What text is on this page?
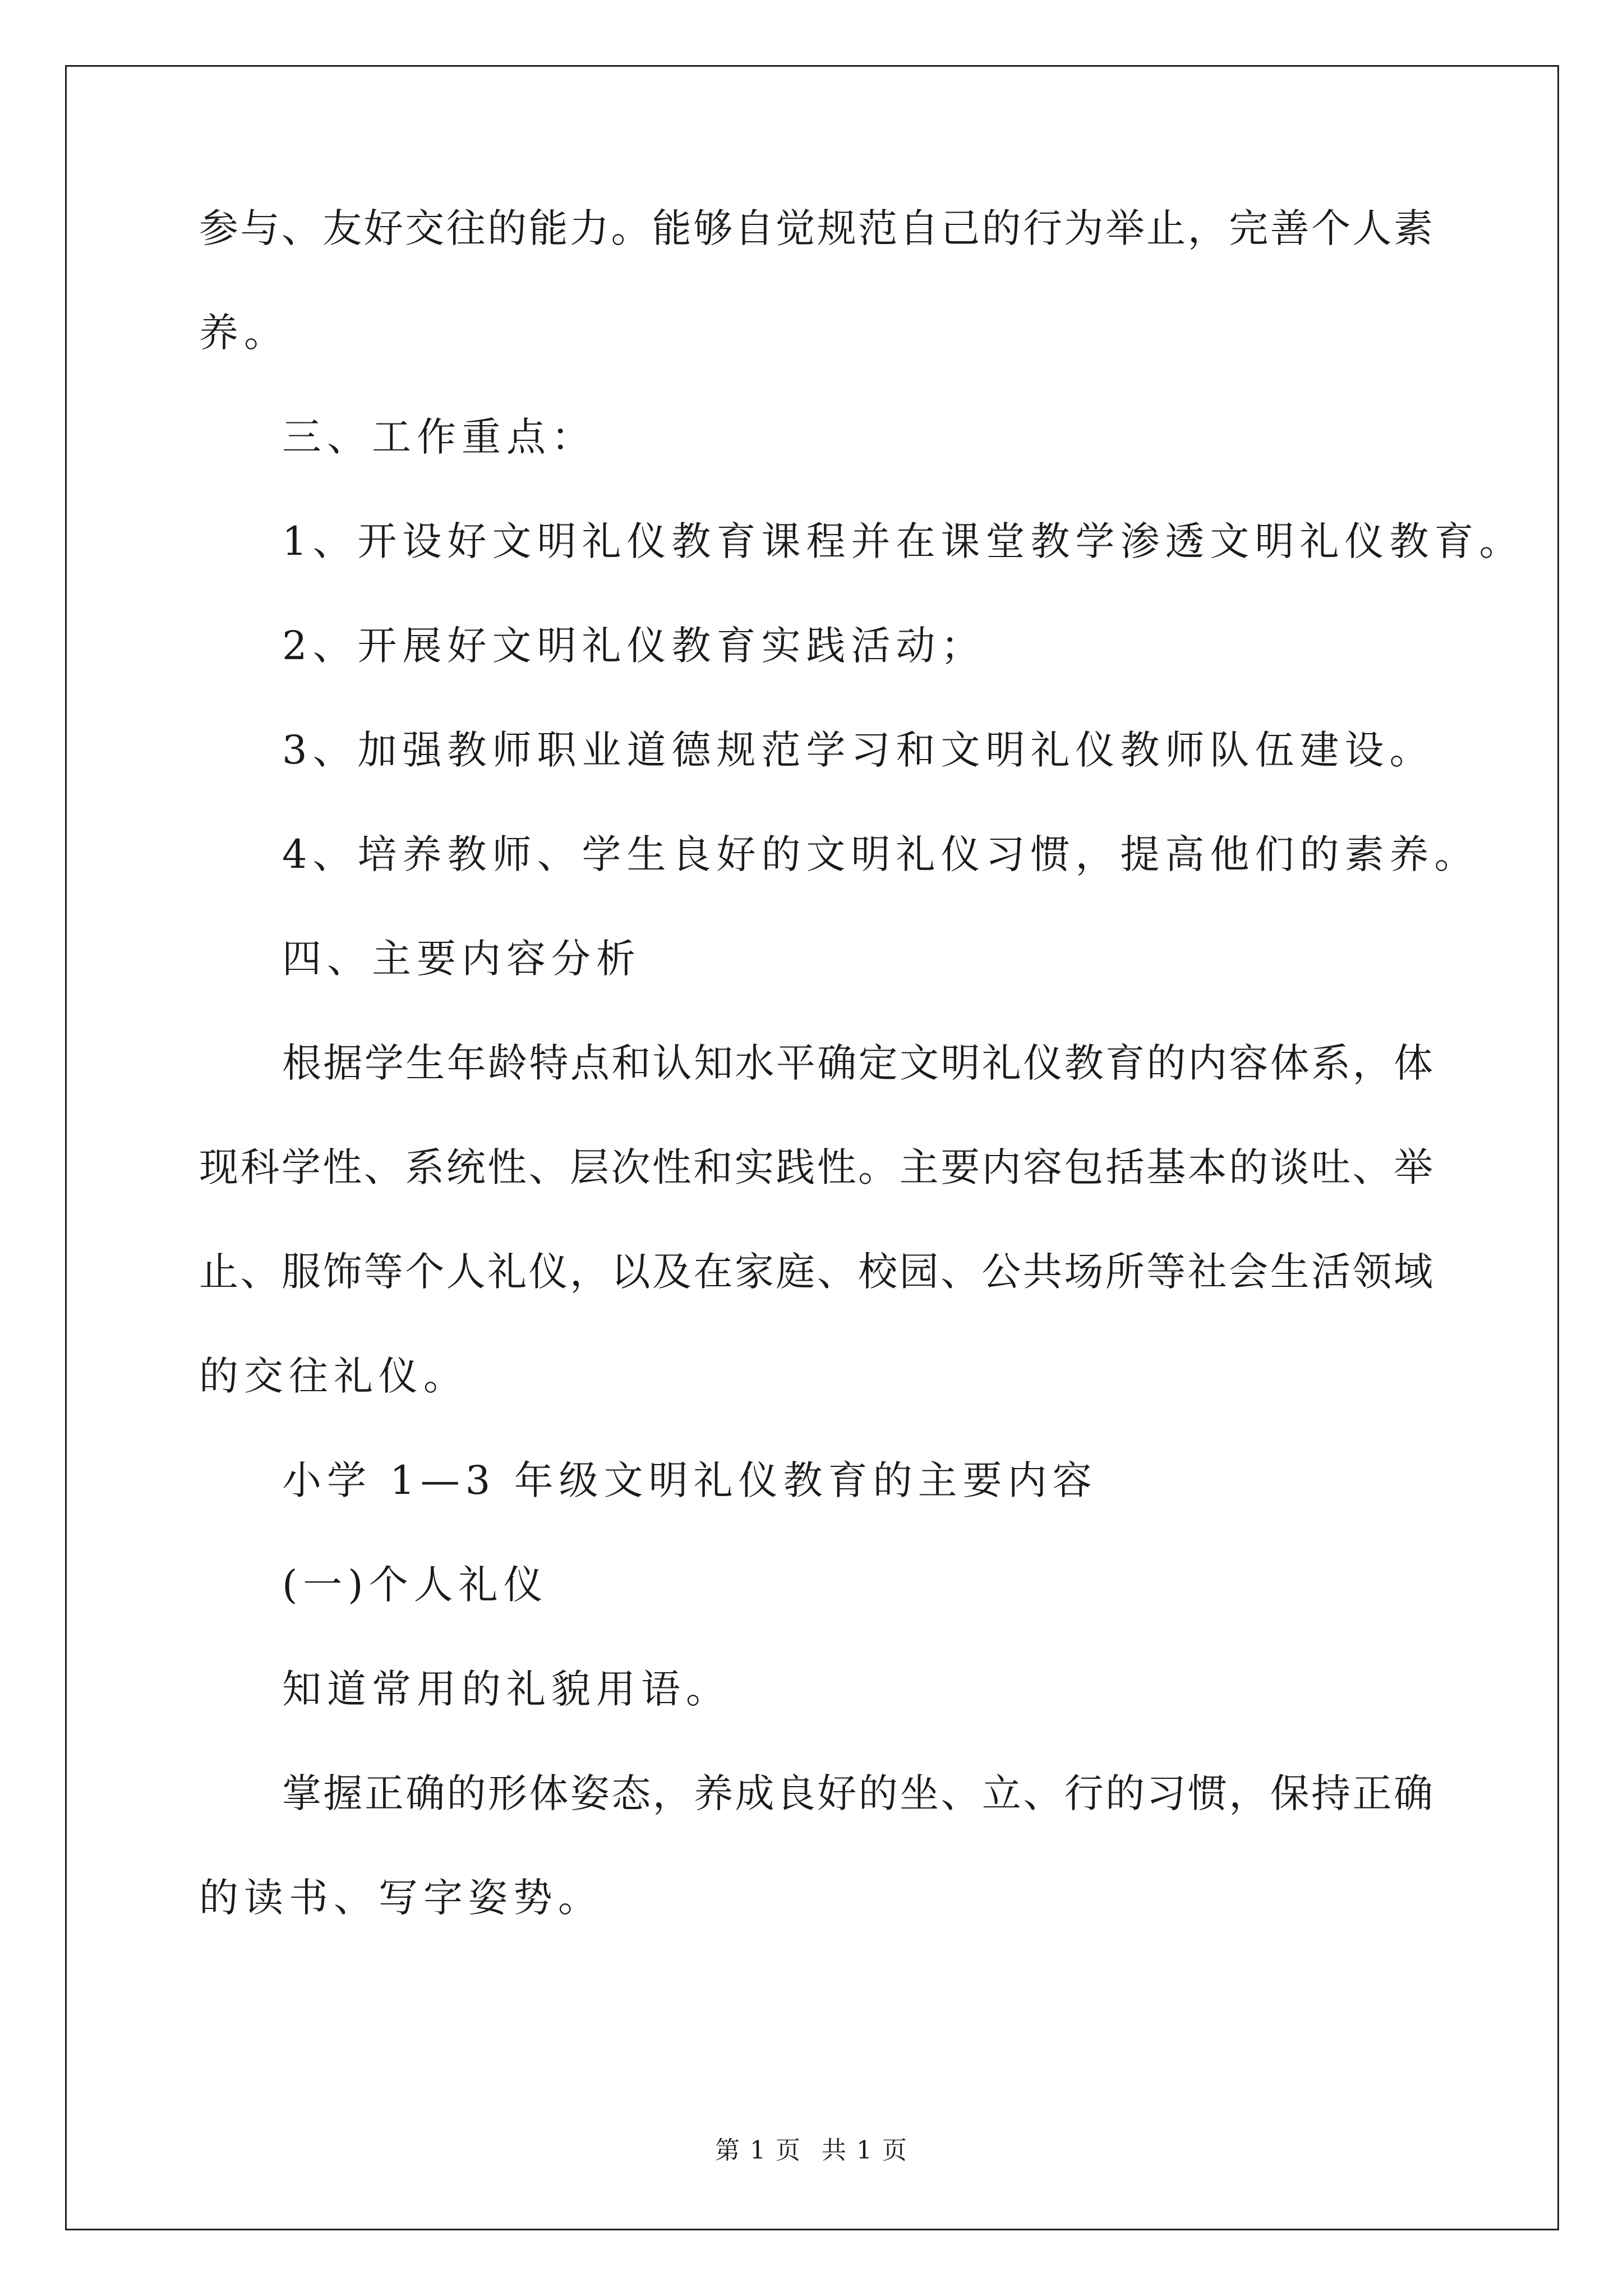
参与、友好交往的能力。能够自觉规范自己的行为举止，完善个人素
养。
三、工作重点：
1、开设好文明礼仪教育课程并在课堂教学渗透文明礼仪教育。
2、开展好文明礼仪教育实践活动；
3、加强教师职业道德规范学习和文明礼仪教师队伍建设。
4、培养教师、学生良好的文明礼仪习惯，提高他们的素养。
四、主要内容分析
根据学生年龄特点和认知水平确定文明礼仪教育的内容体系，体
现科学性、系统性、层次性和实践性。主要内容包括基本的谈吐、举
止、服饰等个人礼仪，以及在家庭、校园、公共场所等社会生活领域
的交往礼仪。
小学 1—3 年级文明礼仪教育的主要内容
(一)个人礼仪
知道常用的礼貌用语。
掌握正确的形体姿态，养成良好的坐、立、行的习惯，保持正确
的读书、写字姿势。
第 1 页 共 1 页
